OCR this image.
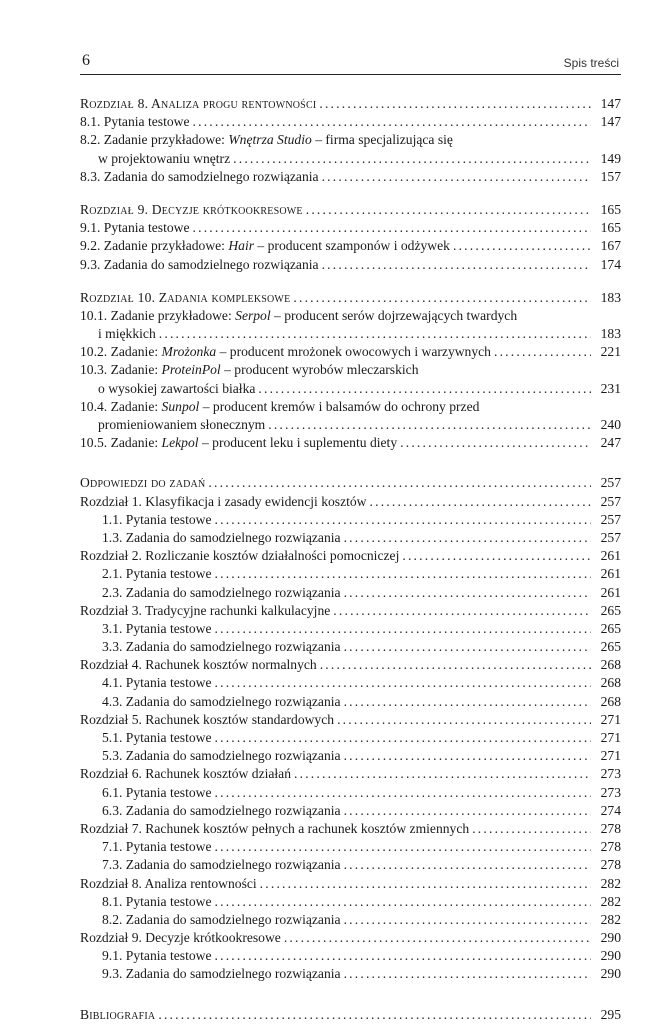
6	Spis treści
Rozdział 8. Analiza progu rentowności . . .	147
8.1. Pytania testowe . . .	147
8.2. Zadanie przykładowe: Wnętrza Studio – firma specjalizująca się
w projektowaniu wnętrz . . .	149
8.3. Zadania do samodzielnego rozwiązania . . .	157
Rozdział 9. Decyzje krótkookresowe . . .	165
9.1. Pytania testowe . . .	165
9.2. Zadanie przykładowe: Hair – producent szamponów i odżywek . . .	167
9.3. Zadania do samodzielnego rozwiązania . . .	174
Rozdział 10. Zadania kompleksowe . . .	183
10.1. Zadanie przykładowe: Serpol – producent serów dojrzewających twardych
i miękkich . . .	183
10.2. Zadanie: Mrożonka – producent mrożonek owocowych i warzywnych . . .	221
10.3. Zadanie: ProteinPol – producent wyrobów mleczarskich
o wysokiej zawartości białka . . .	231
10.4. Zadanie: Sunpol – producent kremów i balsamów do ochrony przed
promieniowaniem słonecznym . . .	240
10.5. Zadanie: Lekpol – producent leku i suplementu diety . . .	247
Odpowiedzi do zadań . . .	257
Rozdział 1. Klasyfikacja i zasady ewidencji kosztów . . .	257
1.1. Pytania testowe . . .	257
1.3. Zadania do samodzielnego rozwiązania . . .	257
Rozdział 2. Rozliczanie kosztów działalności pomocniczej . . .	261
2.1. Pytania testowe . . .	261
2.3. Zadania do samodzielnego rozwiązania . . .	261
Rozdział 3. Tradycyjne rachunki kalkulacyjne . . .	265
3.1. Pytania testowe . . .	265
3.3. Zadania do samodzielnego rozwiązania . . .	265
Rozdział 4. Rachunek kosztów normalnych . . .	268
4.1. Pytania testowe . . .	268
4.3. Zadania do samodzielnego rozwiązania . . .	268
Rozdział 5. Rachunek kosztów standardowych . . .	271
5.1. Pytania testowe . . .	271
5.3. Zadania do samodzielnego rozwiązania . . .	271
Rozdział 6. Rachunek kosztów działań . . .	273
6.1. Pytania testowe . . .	273
6.3. Zadania do samodzielnego rozwiązania . . .	274
Rozdział 7. Rachunek kosztów pełnych a rachunek kosztów zmiennych . . .	278
7.1. Pytania testowe . . .	278
7.3. Zadania do samodzielnego rozwiązania . . .	278
Rozdział 8. Analiza rentowności . . .	282
8.1. Pytania testowe . . .	282
8.2. Zadania do samodzielnego rozwiązania . . .	282
Rozdział 9. Decyzje krótkookresowe . . .	290
9.1. Pytania testowe . . .	290
9.3. Zadania do samodzielnego rozwiązania . . .	290
Bibliografia . . .	295
